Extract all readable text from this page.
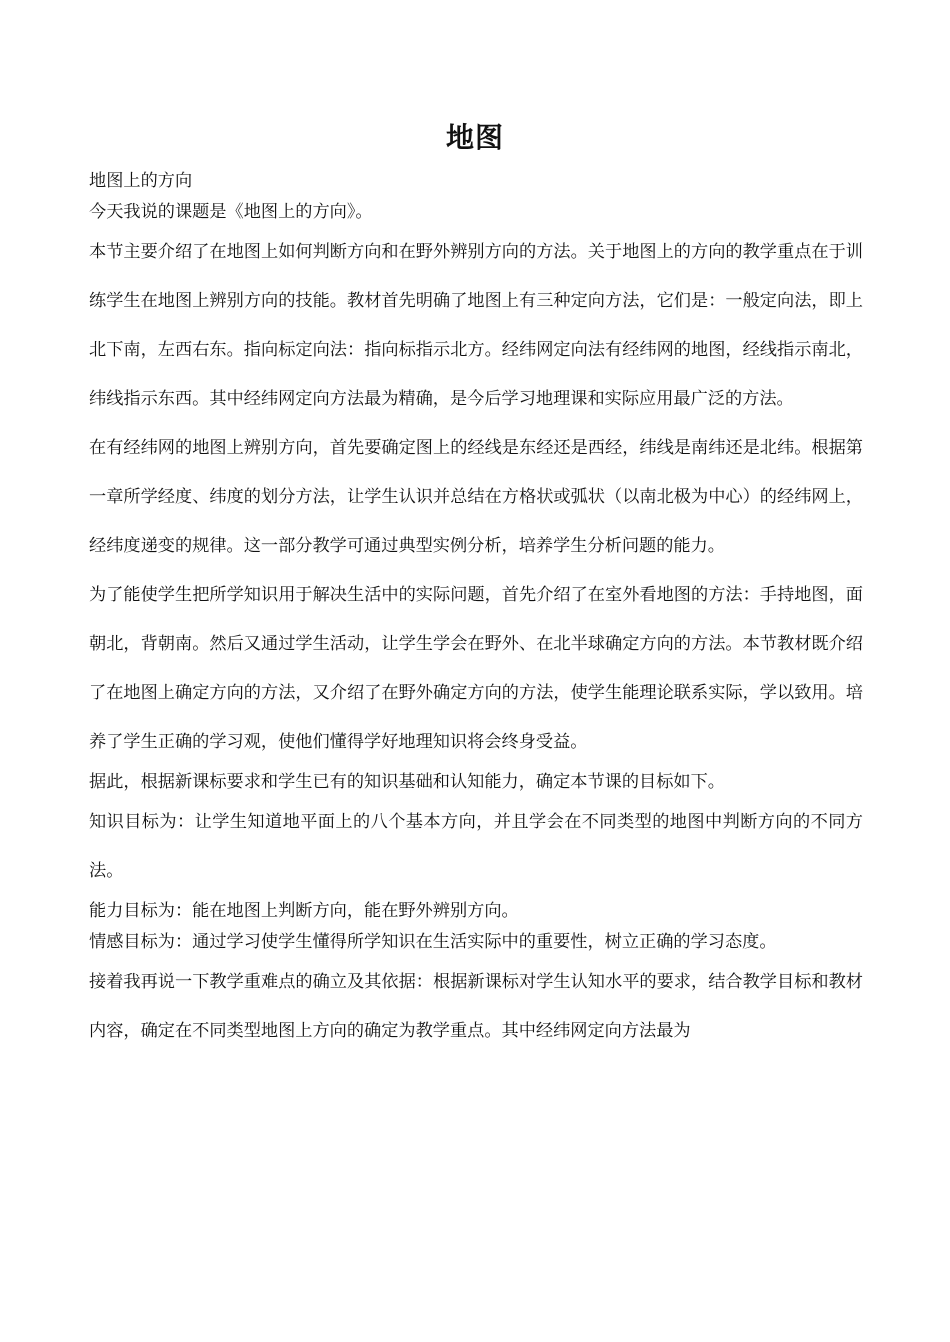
地图

地图上的方向

今天我说的课题是《地图上的方向》。

本节主要介绍了在地图上如何判断方向和在野外辨别方向的方法。关于地图上的方向的教学重点在于训练学生在地图上辨别方向的技能。教材首先明确了地图上有三种定向方法，它们是：一般定向法，即上北下南，左西右东。指向标定向法：指向标指示北方。经纬网定向法有经纬网的地图，经线指示南北，纬线指示东西。其中经纬网定向方法最为精确，是今后学习地理课和实际应用最广泛的方法。

在有经纬网的地图上辨别方向，首先要确定图上的经线是东经还是西经，纬线是南纬还是北纬。根据第一章所学经度、纬度的划分方法，让学生认识并总结在方格状或弧状（以南北极为中心）的经纬网上，经纬度递变的规律。这一部分教学可通过典型实例分析，培养学生分析问题的能力。

为了能使学生把所学知识用于解决生活中的实际问题，首先介绍了在室外看地图的方法：手持地图，面朝北，背朝南。然后又通过学生活动，让学生学会在野外、在北半球确定方向的方法。本节教材既介绍了在地图上确定方向的方法，又介绍了在野外确定方向的方法，使学生能理论联系实际，学以致用。培养了学生正确的学习观，使他们懂得学好地理知识将会终身受益。

据此，根据新课标要求和学生已有的知识基础和认知能力，确定本节课的目标如下。

知识目标为：让学生知道地平面上的八个基本方向，并且学会在不同类型的地图中判断方向的不同方法。

能力目标为：能在地图上判断方向，能在野外辨别方向。

情感目标为：通过学习使学生懂得所学知识在生活实际中的重要性，树立正确的学习态度。

接着我再说一下教学重难点的确立及其依据：根据新课标对学生认知水平的要求，结合教学目标和教材内容，确定在不同类型地图上方向的确定为教学重点。其中经纬网定向方法最为
